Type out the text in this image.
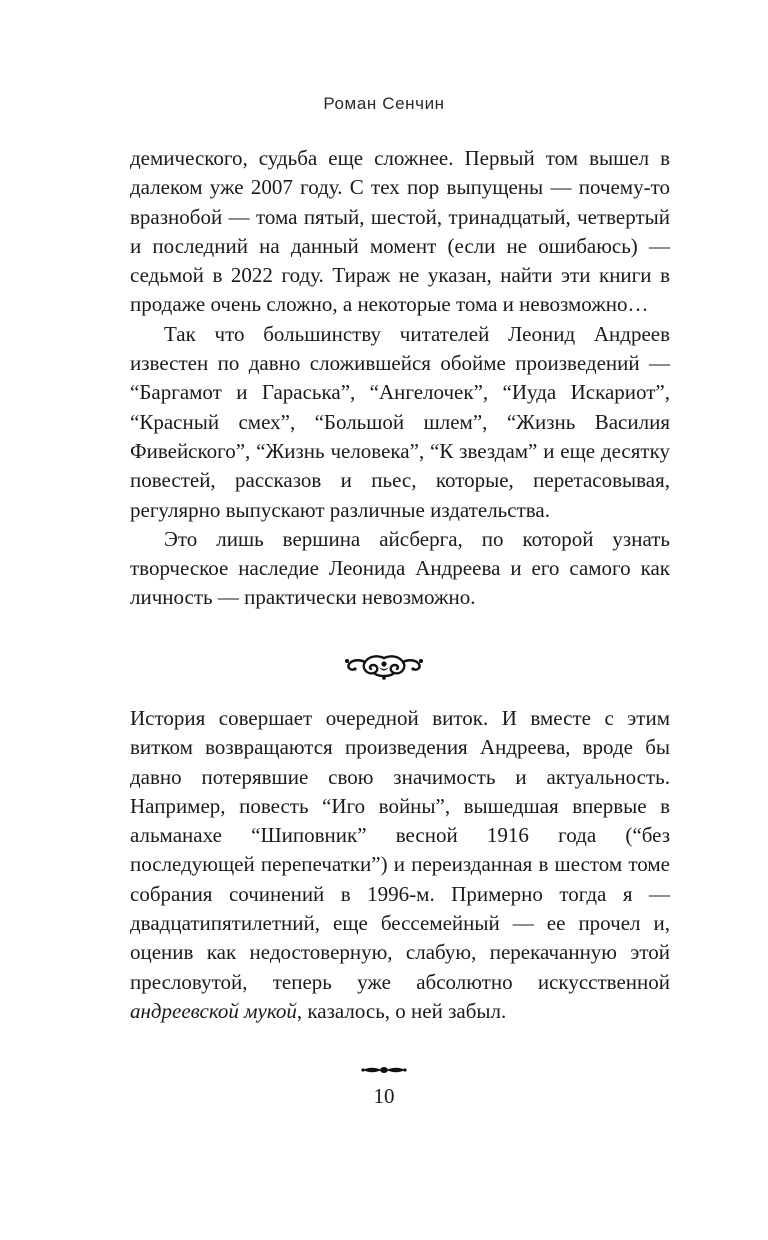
Роман Сенчин

демического, судьба еще сложнее. Первый том вышел в далеком уже 2007 году. С тех пор выпущены — почему-то вразнобой — тома пятый, шестой, тринадцатый, четвертый и последний на данный момент (если не ошибаюсь) — седьмой в 2022 году. Тираж не указан, найти эти книги в продаже очень сложно, а некоторые тома и невозможно…

Так что большинству читателей Леонид Андреев известен по давно сложившейся обойме произведений — “Баргамот и Гараська”, “Ангелочек”, “Иуда Искариот”, “Красный смех”, “Большой шлем”, “Жизнь Василия Фивейского”, “Жизнь человека”, “К звездам” и еще десятку повестей, рассказов и пьес, которые, перетасовывая, регулярно выпускают различные издательства.

Это лишь вершина айсберга, по которой узнать творческое наследие Леонида Андреева и его самого как личность — практически невозможно.

История совершает очередной виток. И вместе с этим витком возвращаются произведения Андреева, вроде бы давно потерявшие свою значимость и актуальность. Например, повесть “Иго войны”, вышедшая впервые в альманахе “Шиповник” весной 1916 года (“без последующей перепечатки”) и переизданная в шестом томе собрания сочинений в 1996-м. Примерно тогда я — двадцатипятилетний, еще бессемейный — ее прочел и, оценив как недостоверную, слабую, перекачанную этой пресловутой, теперь уже абсолютно искусственной андреевской мукой, казалось, о ней забыл.

10
